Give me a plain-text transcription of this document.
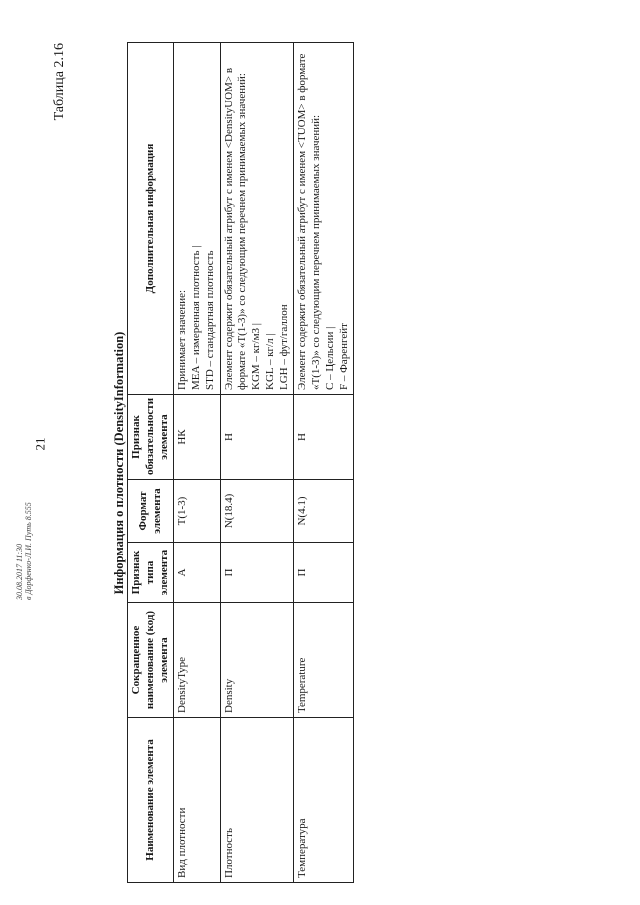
21
Таблица 2.16
Информация о плотности (DensityInformation)
Наименование элемента	Сокращенное наименование (код) элемента	Признак типа элемента	Формат элемента	Признак обязательности элемента	Дополнительная информация
Вид плотности	DensityType	А	T(1-3)	НК	Принимает значение: MEA – измеренная плотность | STD – стандартная плотность

Плотность	Density	П	N(18.4)	Н	Элемент содержит обязательный атрибут с именем <DensityUOM> в формате «T(1-3)» со следующим перечнем принимаемых значений: KGM – кг/м3 | KGL – кг/л | LGH – фут/галлон

Температура	Temperature	П	N(4.1)	Н	Элемент содержит обязательный атрибут с именем <TUOM> в формате «T(1-3)» со следующим перечнем принимаемых значений: С – Цельсии | F – Фаренгейт
30.08.2017 11:30 в Дорфенко-Л.И. Путь 8.555
